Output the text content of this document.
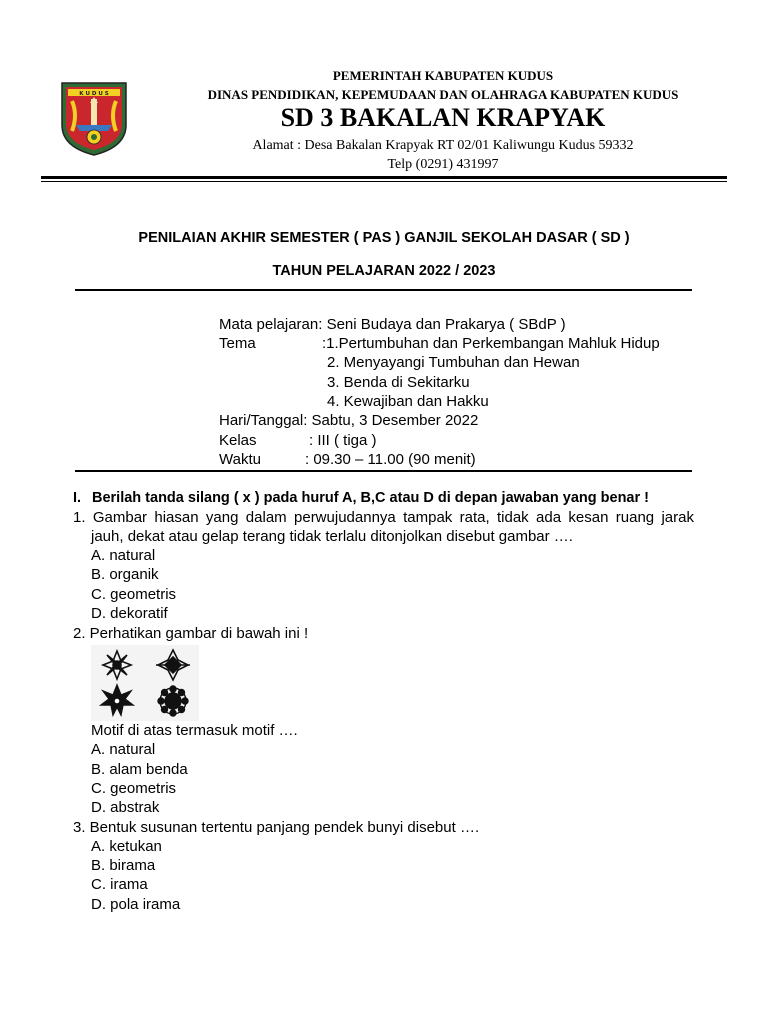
K U D U S
PEMERINTAH KABUPATEN KUDUS
DINAS PENDIDIKAN, KEPEMUDAAN DAN OLAHRAGA KABUPATEN KUDUS
SD 3 BAKALAN KRAPYAK
Alamat : Desa Bakalan Krapyak RT 02/01 Kaliwungu Kudus 59332
Telp (0291) 431997
PENILAIAN AKHIR SEMESTER ( PAS ) GANJIL SEKOLAH DASAR ( SD )
TAHUN PELAJARAN 2022 / 2023
Mata pelajaran: Seni Budaya dan Prakarya ( SBdP )
Tema	:1.Pertumbuhan dan Perkembangan Mahluk Hidup
2. Menyayangi Tumbuhan dan Hewan
3. Benda di Sekitarku
4. Kewajiban dan Hakku
Hari/Tanggal: Sabtu, 3 Desember 2022
Kelas	: III ( tiga )
Waktu	: 09.30 – 11.00 (90 menit)
I. Berilah tanda silang ( x ) pada huruf A, B,C atau D di depan jawaban yang benar !
1. Gambar hiasan yang dalam perwujudannya tampak rata, tidak ada kesan ruang jarak
jauh, dekat atau gelap terang tidak terlalu ditonjolkan disebut gambar ….
A. natural
B. organik
C. geometris
D. dekoratif
2. Perhatikan gambar di bawah ini !
Motif di atas termasuk motif ….
A. natural
B. alam benda
C. geometris
D. abstrak
3. Bentuk susunan tertentu panjang pendek bunyi disebut ….
A. ketukan
B. birama
C. irama
D. pola irama
